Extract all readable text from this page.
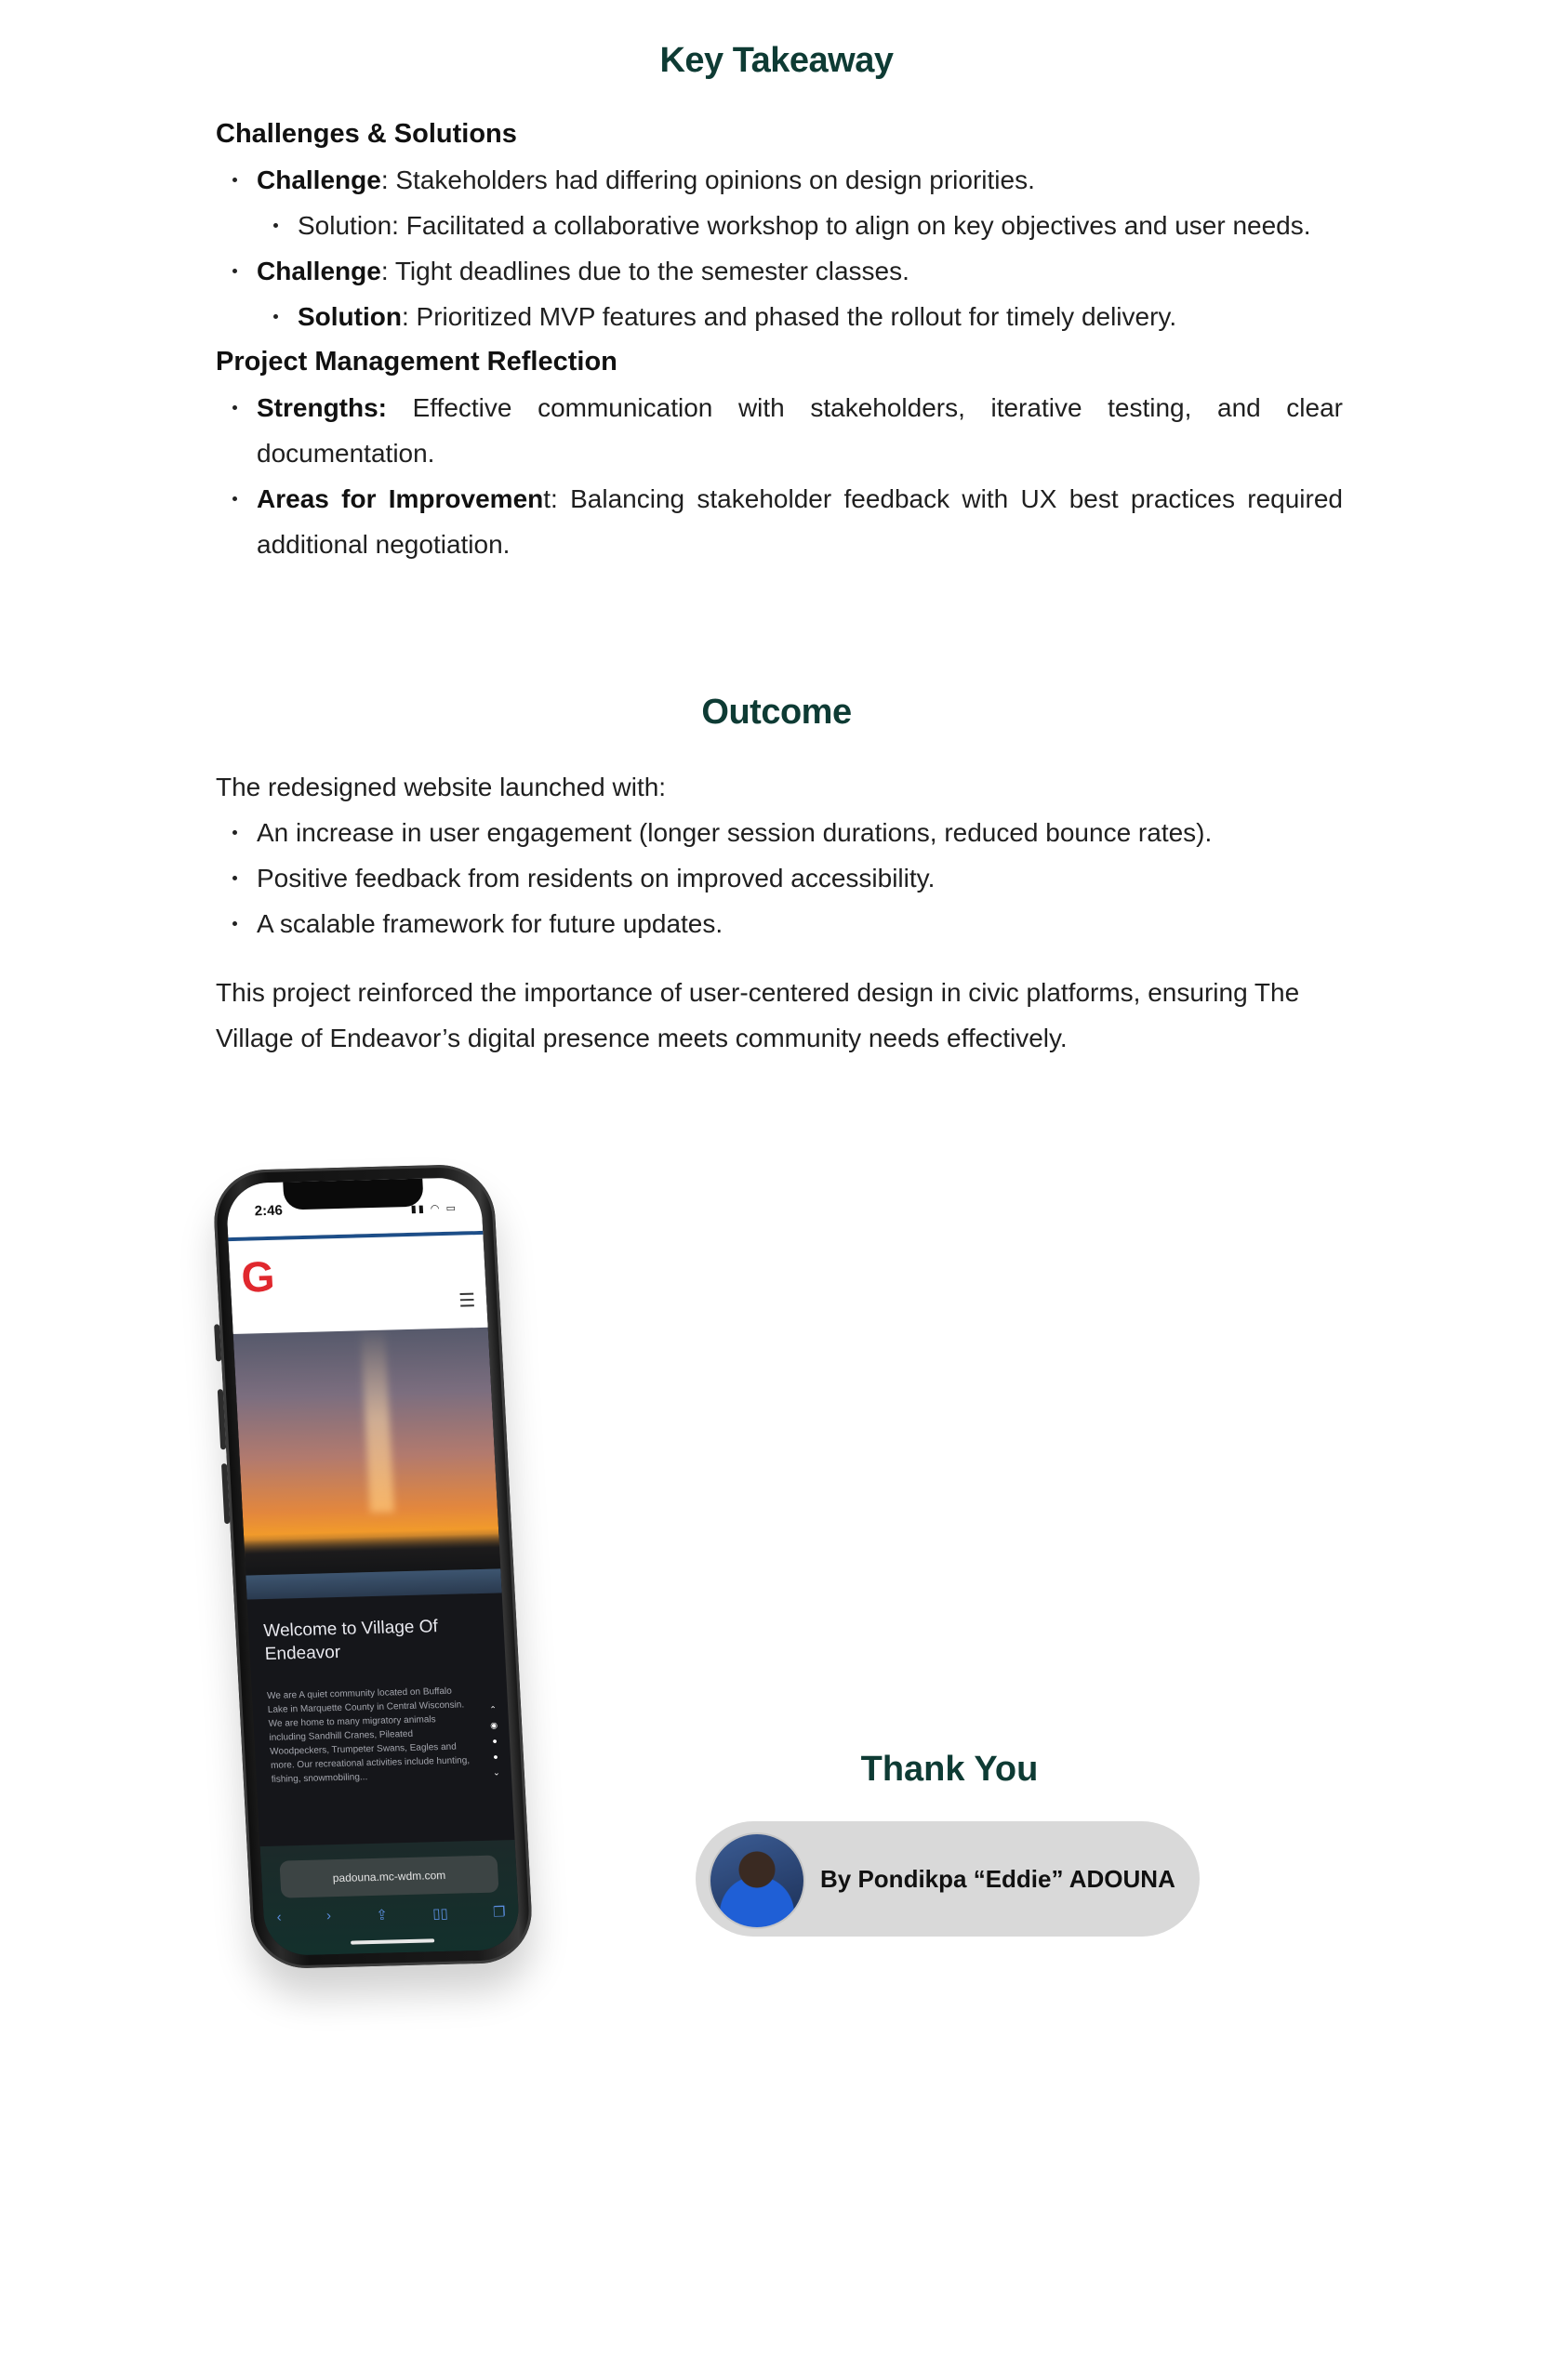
Key Takeaway

Challenges & Solutions

Challenge: Stakeholders had differing opinions on design priorities.
Solution: Facilitated a collaborative workshop to align on key objectives and user needs.
Challenge: Tight deadlines due to the semester classes.
Solution: Prioritized MVP features and phased the rollout for timely delivery.

Project Management Reflection

Strengths: Effective communication with stakeholders, iterative testing, and clear documentation.
Areas for Improvement: Balancing stakeholder feedback with UX best practices required additional negotiation.
Outcome

The redesigned website launched with:

An increase in user engagement (longer session durations, reduced bounce rates).
Positive feedback from residents on improved accessibility.
A scalable framework for future updates.

This project reinforced the importance of user-centered design in civic platforms, ensuring The Village of Endeavor’s digital presence meets community needs effectively.

2:46	▮▮ ◠ ▭
G	☰
Welcome to Village Of Endeavor
We are A quiet community located on Buffalo Lake in Marquette County in Central Wisconsin. We are home to many migratory animals including Sandhill Cranes, Pileated Woodpeckers, Trumpeter Swans, Eagles and more. Our recreational activities include hunting, fishing, snowmobiling...
⌃
◉
●
●
⌄
padouna.mc-wdm.com
‹	›	⇪	▯▯	❐
Thank You
By Pondikpa “Eddie” ADOUNA
